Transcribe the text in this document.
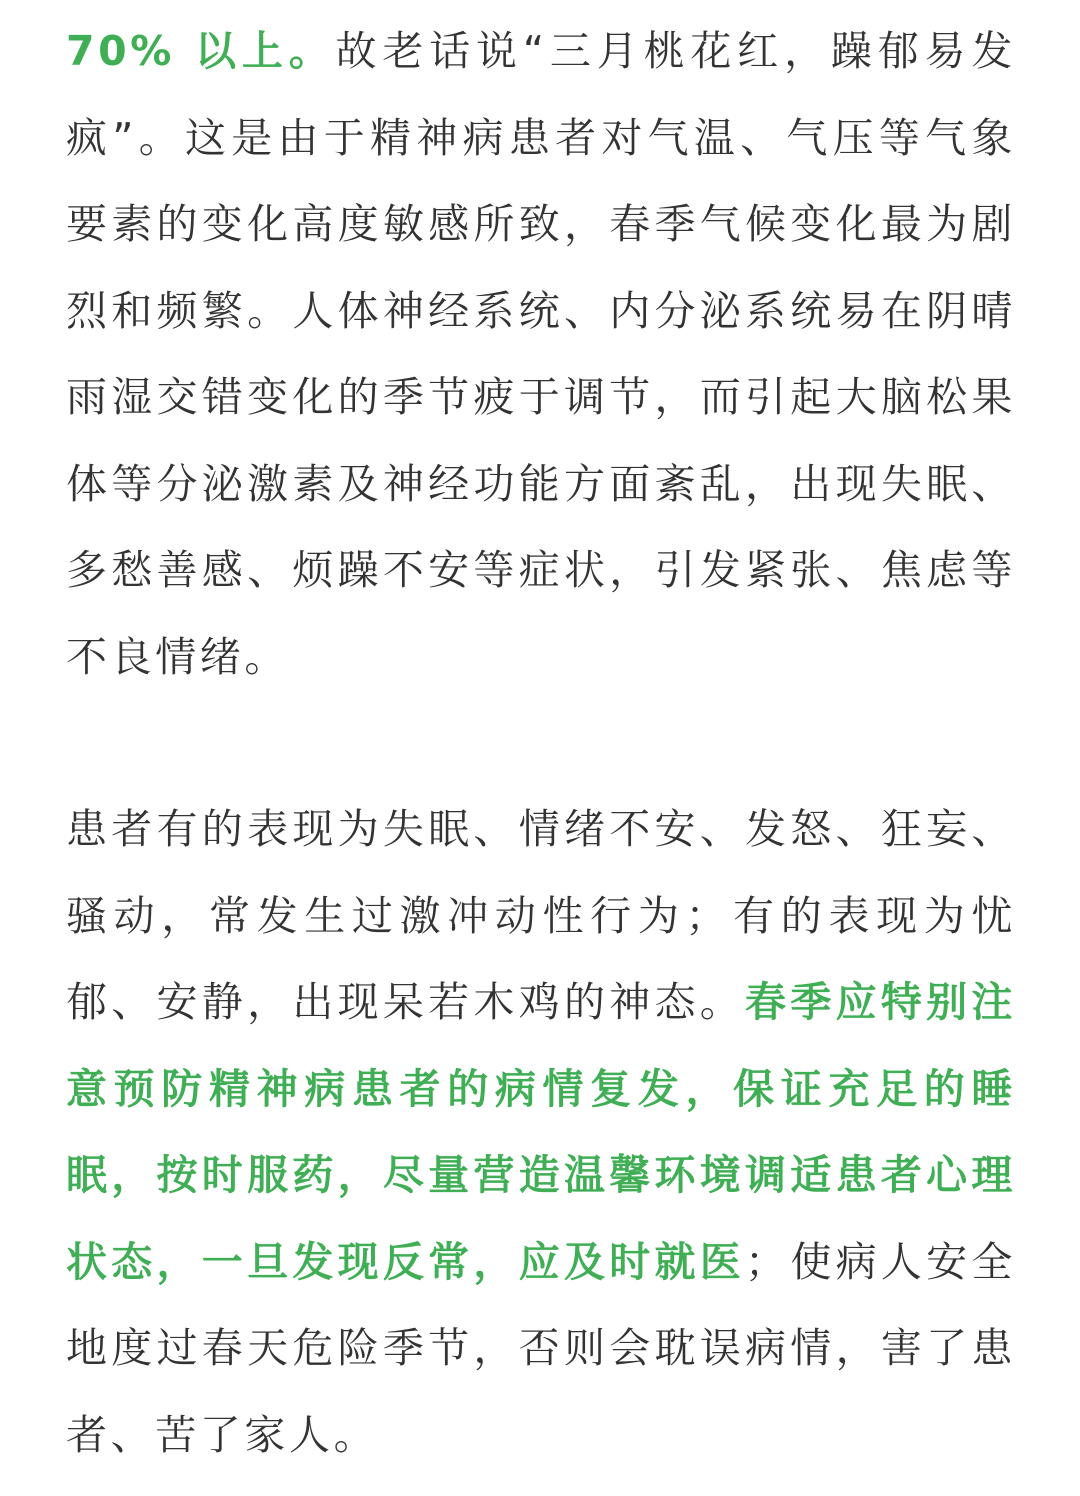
70% 以上。故老话说“三月桃花红，躁郁易发疯”。这是由于精神病患者对气温、气压等气象要素的变化高度敏感所致，春季气候变化最为剧烈和频繁。人体神经系统、内分泌系统易在阴晴雨湿交错变化的季节疲于调节，而引起大脑松果体等分泌激素及神经功能方面紊乱，出现失眠、多愁善感、烦躁不安等症状，引发紧张、焦虑等不良情绪。

患者有的表现为失眠、情绪不安、发怒、狂妄、骚动，常发生过激冲动性行为；有的表现为忧郁、安静，出现呆若木鸡的神态。春季应特别注意预防精神病患者的病情复发，保证充足的睡眠，按时服药，尽量营造温馨环境调适患者心理状态，一旦发现反常，应及时就医；使病人安全地度过春天危险季节，否则会耽误病情，害了患者、苦了家人。
